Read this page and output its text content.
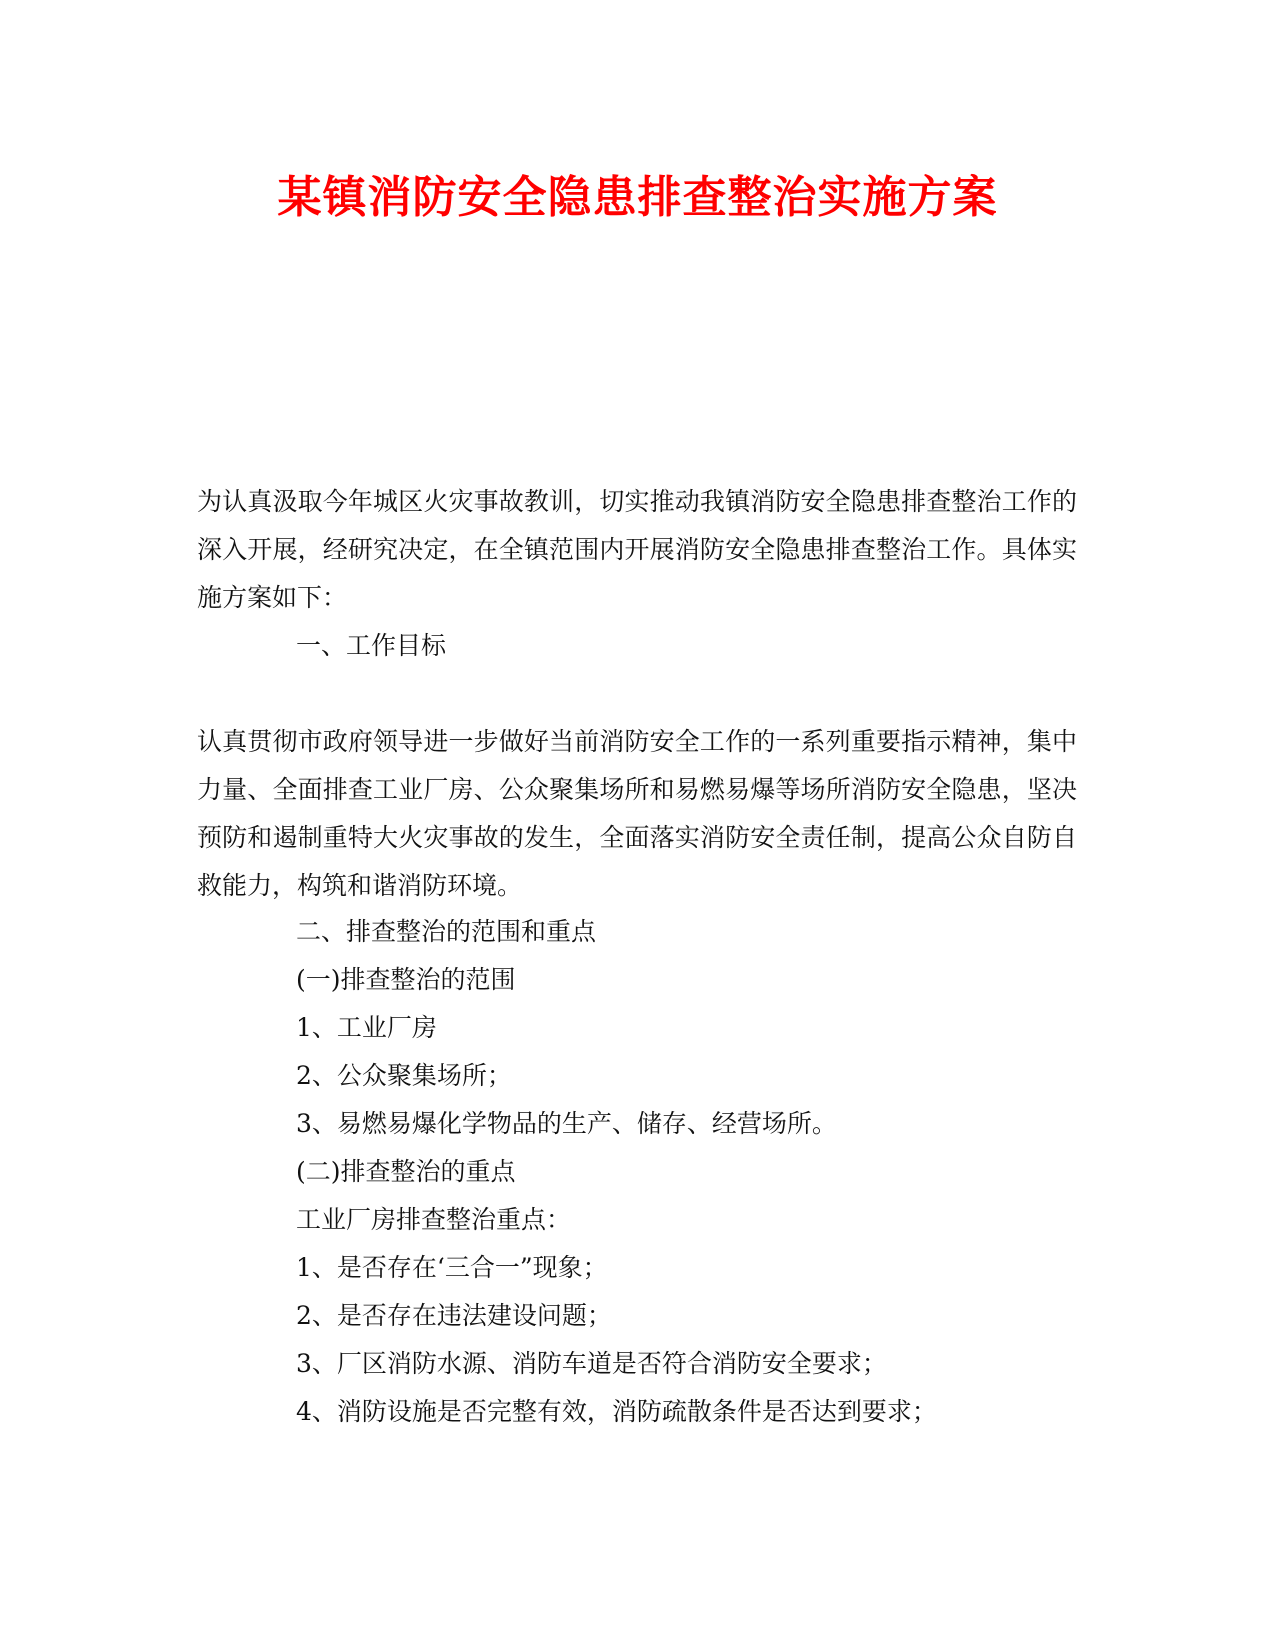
某镇消防安全隐患排查整治实施方案

为认真汲取今年城区火灾事故教训，切实推动我镇消防安全隐患排查整治工作的深入开展，经研究决定，在全镇范围内开展消防安全隐患排查整治工作。具体实施方案如下：

一、工作目标

认真贯彻市政府领导进一步做好当前消防安全工作的一系列重要指示精神，集中力量、全面排查工业厂房、公众聚集场所和易燃易爆等场所消防安全隐患，坚决预防和遏制重特大火灾事故的发生，全面落实消防安全责任制，提高公众自防自救能力，构筑和谐消防环境。

二、排查整治的范围和重点
(一)排查整治的范围
1、工业厂房
2、公众聚集场所；
3、易燃易爆化学物品的生产、储存、经营场所。
(二)排查整治的重点
工业厂房排查整治重点：
1、是否存在‘三合一”现象；
2、是否存在违法建设问题；
3、厂区消防水源、消防车道是否符合消防安全要求；
4、消防设施是否完整有效，消防疏散条件是否达到要求；
